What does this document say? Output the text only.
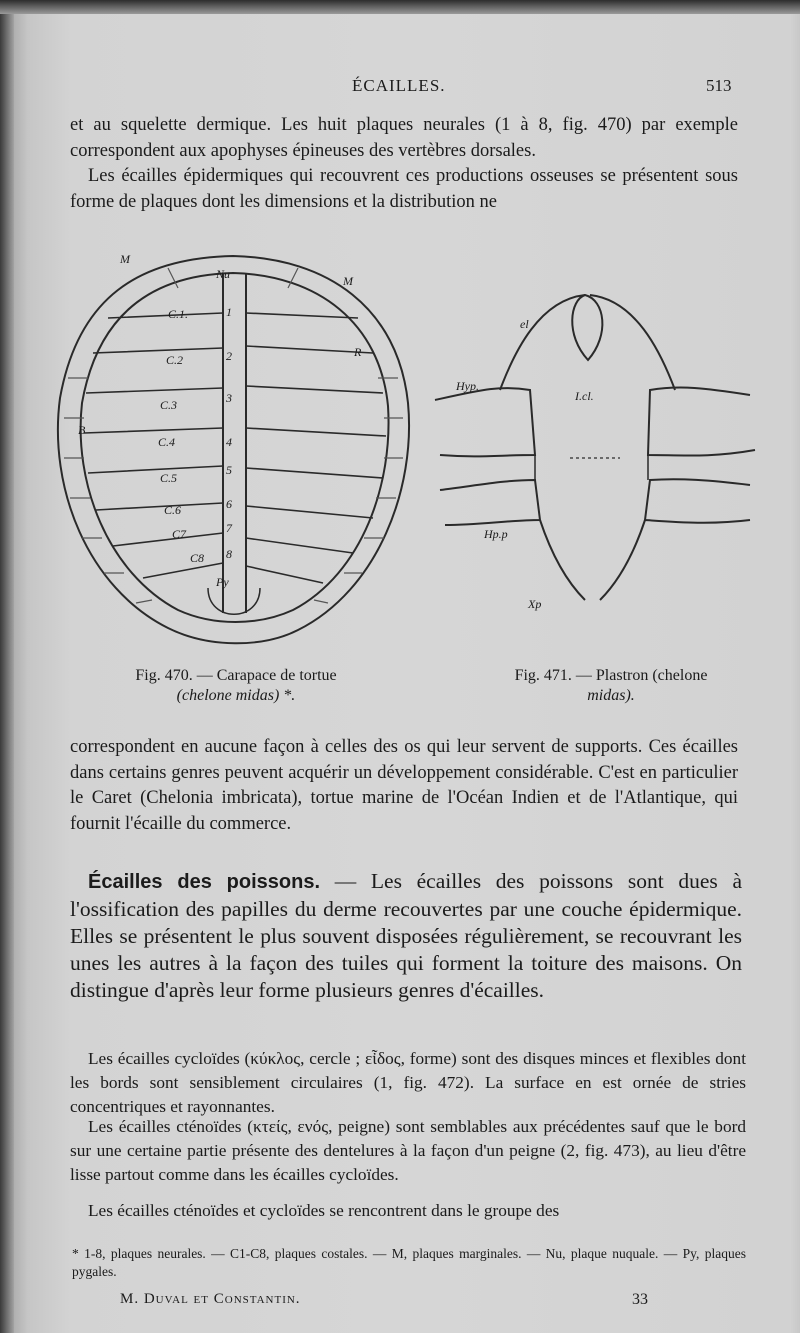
ÉCAILLES.	513

et au squelette dermique. Les huit plaques neurales (1 à 8, fig. 470) par exemple correspondent aux apophyses épineuses des vertèbres dorsales.

Les écailles épidermiques qui recouvrent ces productions osseuses se présentent sous forme de plaques dont les dimensions et la distribution ne

M
Nu	M
C.1.	1
C.2	2	R
C.3	3
B
C.4	4
C.5
5
C.6	6
C7	7
C8 8
Py
el
Hyp.
I.cl.
Hp.p
Xp
Fig. 470. — Carapace de tortue
(chelone midas) *.
Fig. 471. — Plastron (chelone
midas).

correspondent en aucune façon à celles des os qui leur servent de supports. Ces écailles dans certains genres peuvent acquérir un développement considérable. C'est en particulier le Caret (Chelonia imbricata), tortue marine de l'Océan Indien et de l'Atlantique, qui fournit l'écaille du commerce.

Écailles des poissons. — Les écailles des poissons sont dues à l'ossification des papilles du derme recouvertes par une couche épidermique. Elles se présentent le plus souvent disposées régulièrement, se recouvrant les unes les autres à la façon des tuiles qui forment la toiture des maisons. On distingue d'après leur forme plusieurs genres d'écailles.

Les écailles cycloïdes (κύκλος, cercle ; εἶδος, forme) sont des disques minces et flexibles dont les bords sont sensiblement circulaires (1, fig. 472). La surface en est ornée de stries concentriques et rayonnantes.

Les écailles cténoïdes (κτείς, ενός, peigne) sont semblables aux précédentes sauf que le bord sur une certaine partie présente des dentelures à la façon d'un peigne (2, fig. 473), au lieu d'être lisse partout comme dans les écailles cycloïdes.

Les écailles cténoïdes et cycloïdes se rencontrent dans le groupe des

* 1-8, plaques neurales. — C1-C8, plaques costales. — M, plaques marginales. — Nu, plaque nuquale. — Py, plaques pygales.
M. Duval et Constantin.	33
